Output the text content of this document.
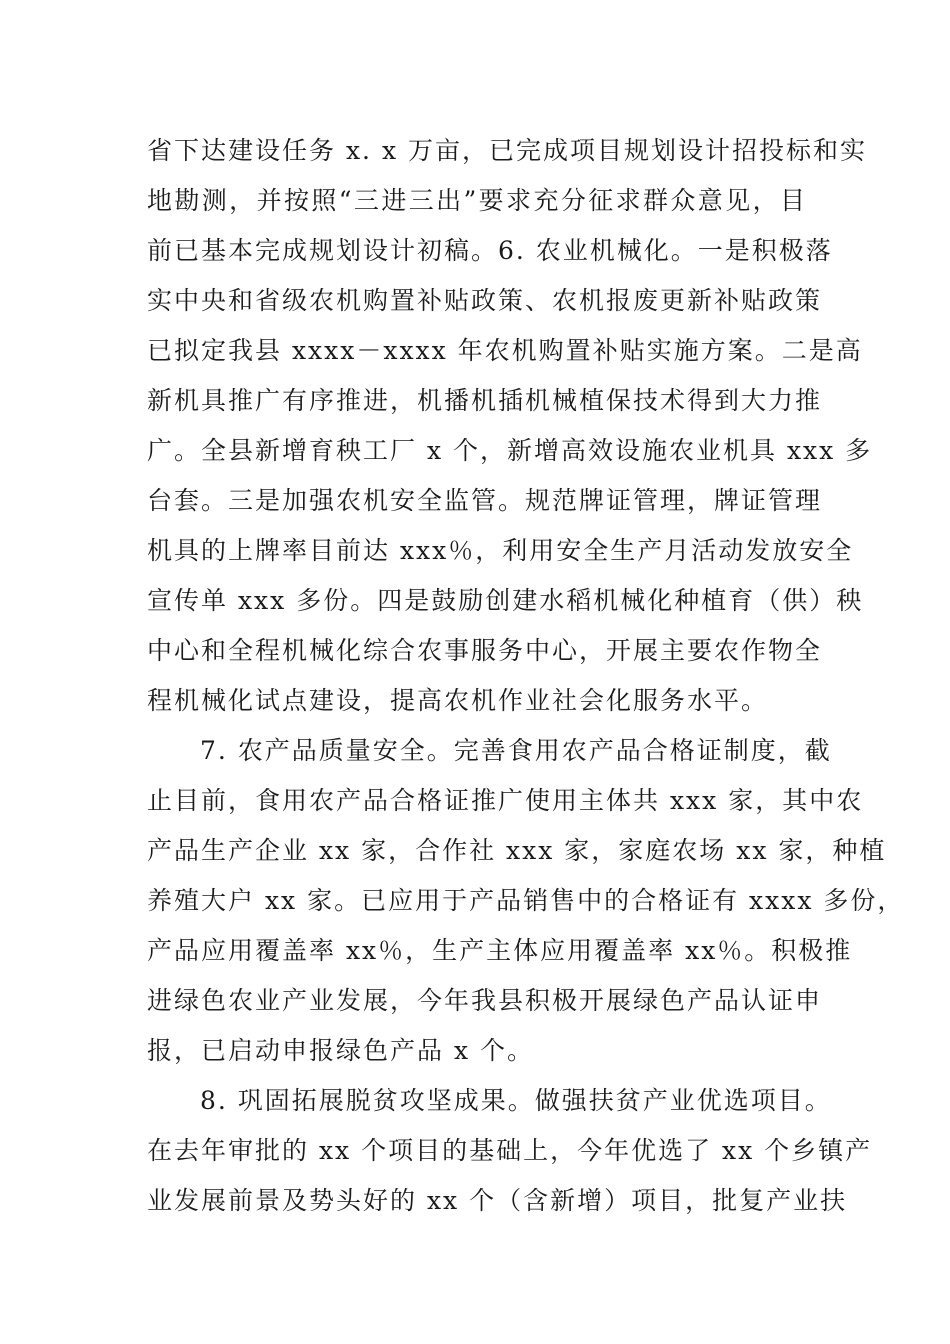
省下达建设任务 x. x 万亩，已完成项目规划设计招投标和实
地勘测，并按照“三进三出”要求充分征求群众意见，目
前已基本完成规划设计初稿。6. 农业机械化。一是积极落
实中央和省级农机购置补贴政策、农机报废更新补贴政策
已拟定我县 xxxx－xxxx 年农机购置补贴实施方案。二是高
新机具推广有序推进，机播机插机械植保技术得到大力推
广。全县新增育秧工厂 x 个，新增高效设施农业机具 xxx 多
台套。三是加强农机安全监管。规范牌证管理，牌证管理
机具的上牌率目前达 xxx％，利用安全生产月活动发放安全
宣传单 xxx 多份。四是鼓励创建水稻机械化种植育（供）秧
中心和全程机械化综合农事服务中心，开展主要农作物全
程机械化试点建设，提高农机作业社会化服务水平。
7. 农产品质量安全。完善食用农产品合格证制度，截
止目前，食用农产品合格证推广使用主体共 xxx 家，其中农
产品生产企业 xx 家，合作社 xxx 家，家庭农场 xx 家，种植
养殖大户 xx 家。已应用于产品销售中的合格证有 xxxx 多份，
产品应用覆盖率 xx％，生产主体应用覆盖率 xx％。积极推
进绿色农业产业发展，今年我县积极开展绿色产品认证申
报，已启动申报绿色产品 x 个。
8. 巩固拓展脱贫攻坚成果。做强扶贫产业优选项目。
在去年审批的 xx 个项目的基础上，今年优选了 xx 个乡镇产
业发展前景及势头好的 xx 个（含新增）项目，批复产业扶
